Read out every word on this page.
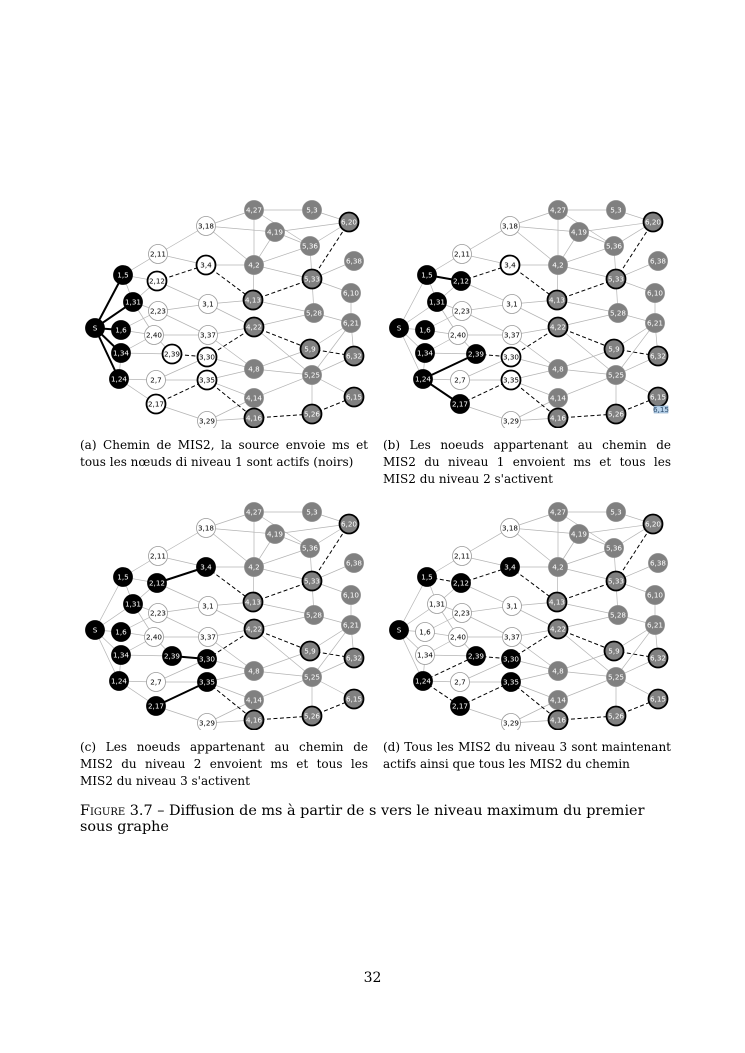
S
1,5
1,31
1,6
1,34
1,24
2,11
2,12
2,23
2,40
2,39
2,7
2,17
3,18
3,4
3,1
3,37
3,30
3,35
3,29
4,27
4,19
4,2
4,13
4,22
4,8
4,14
4,16
5,3
5,36
5,33
5,28
5,9
5,25
5,26
6,20
6,38
6,10
6,21
6,32
6,15
S
1,5
1,31
1,6
1,34
1,24
2,11
2,12
2,23
2,40
2,39
2,7
2,17
3,18
3,4
3,1
3,37
3,30
3,35
3,29
4,27
4,19
4,2
4,13
4,22
4,8
4,14
4,16
5,3
5,36
5,33
5,28
5,9
5,25
5,26
6,20
6,38
6,10
6,21
6,32
6,15
6,15
S
1,5
1,31
1,6
1,34
1,24
2,11
2,12
2,23
2,40
2,39
2,7
2,17
3,18
3,4
3,1
3,37
3,30
3,35
3,29
4,27
4,19
4,2
4,13
4,22
4,8
4,14
4,16
5,3
5,36
5,33
5,28
5,9
5,25
5,26
6,20
6,38
6,10
6,21
6,32
6,15
S
1,5
1,31
1,6
1,34
1,24
2,11
2,12
2,23
2,40
2,39
2,7
2,17
3,18
3,4
3,1
3,37
3,30
3,35
3,29
4,27
4,19
4,2
4,13
4,22
4,8
4,14
4,16
5,3
5,36
5,33
5,28
5,9
5,25
5,26
6,20
6,38
6,10
6,21
6,32
6,15
(a) Chemin de MIS2, la source envoie ms et tous les nœuds di niveau 1 sont actifs (noirs)
(b) Les noeuds appartenant au chemin de MIS2 du niveau 1 envoient ms et tous les MIS2 du niveau 2 s'activent
(c) Les noeuds appartenant au chemin de MIS2 du niveau 2 envoient ms et tous les MIS2 du niveau 3 s'activent
(d) Tous les MIS2 du niveau 3 sont maintenant actifs ainsi que tous les MIS2 du chemin
Figure 3.7 – Diffusion de ms à partir de s vers le niveau maximum du premier sous graphe
32
